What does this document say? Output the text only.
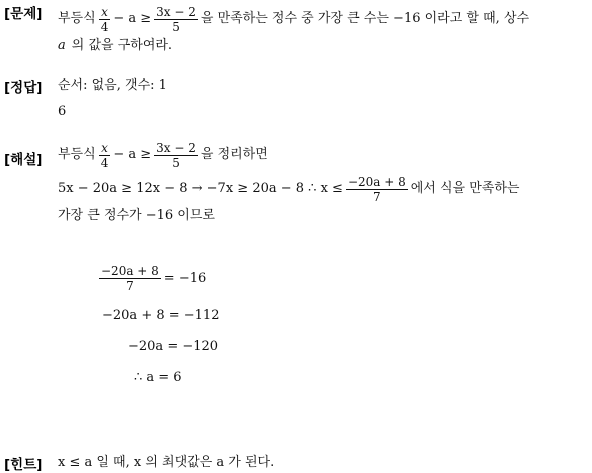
[문제] 부등식 $\frac{x}{4} - a \ge \frac{3x - 2}{5}$ 을 만족하는 정수 중 가장 큰 수는 −16 이라고 할 때, 상수
a 의 값을 구하여라.
[정답] 순서: 없음, 갯수: 1
6
[해설] 부등식 $\frac{x}{4} - a \ge \frac{3x - 2}{5}$ 을 정리하면
5x − 20a ≥ 12x − 8 → −7x ≥ 20a − 8 ∴ $x \le \frac{-20a + 8}{7}$ 에서 식을 만족하는
가장 큰 정수가 −16 이므로
$\frac{-20a + 8}{7} = -16$
−20a + 8 = −112
−20a = −120
∴ a = 6
[힌트] x ≤ a 일 때, x 의 최댓값은 a 가 된다.
